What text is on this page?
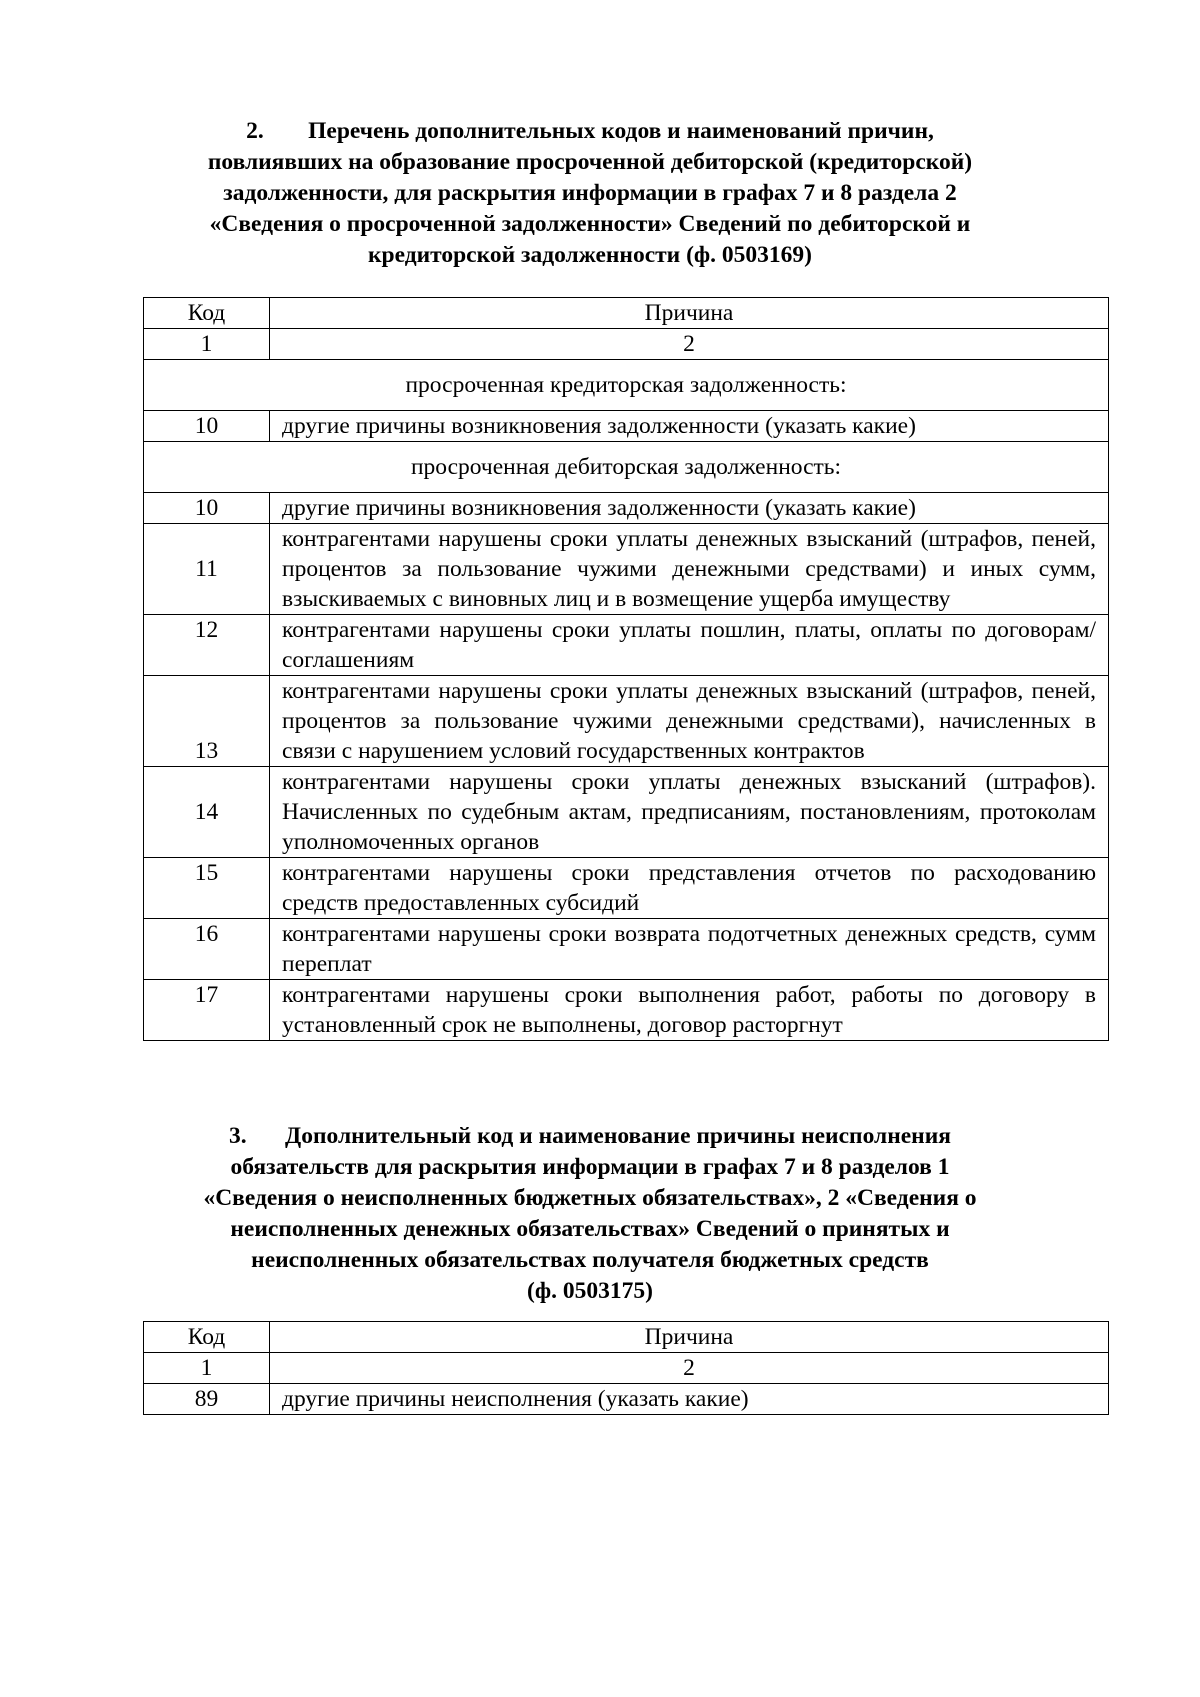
2. Перечень дополнительных кодов и наименований причин,
повлиявших на образование просроченной дебиторской (кредиторской)
задолженности, для раскрытия информации в графах 7 и 8 раздела 2
«Сведения о просроченной задолженности» Сведений по дебиторской и
кредиторской задолженности (ф. 0503169)
Код	Причина
1	2
просроченная кредиторская задолженность:	
10	другие причины возникновения задолженности (указать какие)
просроченная дебиторская задолженность:	
10	другие причины возникновения задолженности (указать какие)
11	контрагентами нарушены сроки уплаты денежных взысканий (штрафов, пеней, процентов за пользование чужими денежными средствами) и иных сумм, взыскиваемых с виновных лиц и в возмещение ущерба имуществу
12	контрагентами нарушены сроки уплаты пошлин, платы, оплаты по договорам/соглашениям
13	контрагентами нарушены сроки уплаты денежных взысканий (штрафов, пеней, процентов за пользование чужими денежными средствами), начисленных в связи с нарушением условий государственных контрактов
14	контрагентами нарушены сроки уплаты денежных взысканий (штрафов). Начисленных по судебным актам, предписаниям, постановлениям, протоколам уполномоченных органов
15	контрагентами нарушены сроки представления отчетов по расходованию средств предоставленных субсидий
16	контрагентами нарушены сроки возврата подотчетных денежных средств, сумм переплат
17	контрагентами нарушены сроки выполнения работ, работы по договору в установленный срок не выполнены, договор расторгнут
3. Дополнительный код и наименование причины неисполнения
обязательств для раскрытия информации в графах 7 и 8 разделов 1
«Сведения о неисполненных бюджетных обязательствах», 2 «Сведения о
неисполненных денежных обязательствах» Сведений о принятых и
неисполненных обязательствах получателя бюджетных средств
(ф. 0503175)
Код	Причина
1	2
89	другие причины неисполнения (указать какие)
